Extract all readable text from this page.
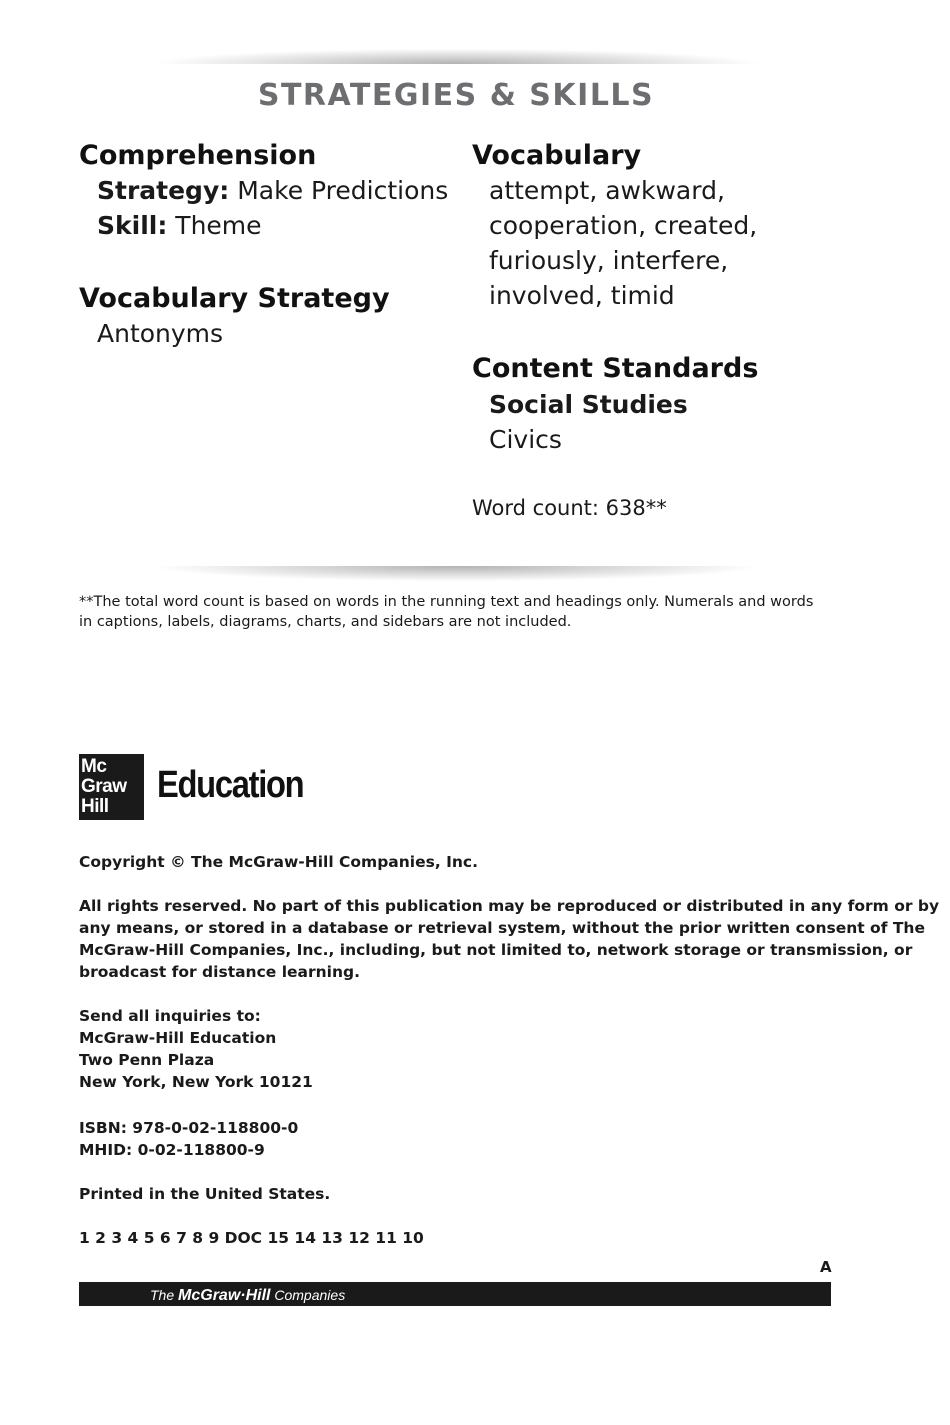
STRATEGIES & SKILLS
Comprehension
Strategy: Make Predictions
Skill: Theme
Vocabulary Strategy
Antonyms
Vocabulary
attempt, awkward,
cooperation, created,
furiously, interfere,
involved, timid
Content Standards
Social Studies
Civics
Word count: 638**
**The total word count is based on words in the running text and headings only. Numerals and words
in captions, labels, diagrams, charts, and sidebars are not included.
Mc
Graw
Hill
Education
Copyright © The McGraw-Hill Companies, Inc.
All rights reserved. No part of this publication may be reproduced or distributed in any form or by
any means, or stored in a database or retrieval system, without the prior written consent of The
McGraw-Hill Companies, Inc., including, but not limited to, network storage or transmission, or
broadcast for distance learning.
Send all inquiries to:
McGraw-Hill Education
Two Penn Plaza
New York, New York 10121
ISBN: 978-0-02-118800-0
MHID: 0-02-118800-9
Printed in the United States.
1 2 3 4 5 6 7 8 9 DOC 15 14 13 12 11 10
A
The McGraw·Hill Companies
